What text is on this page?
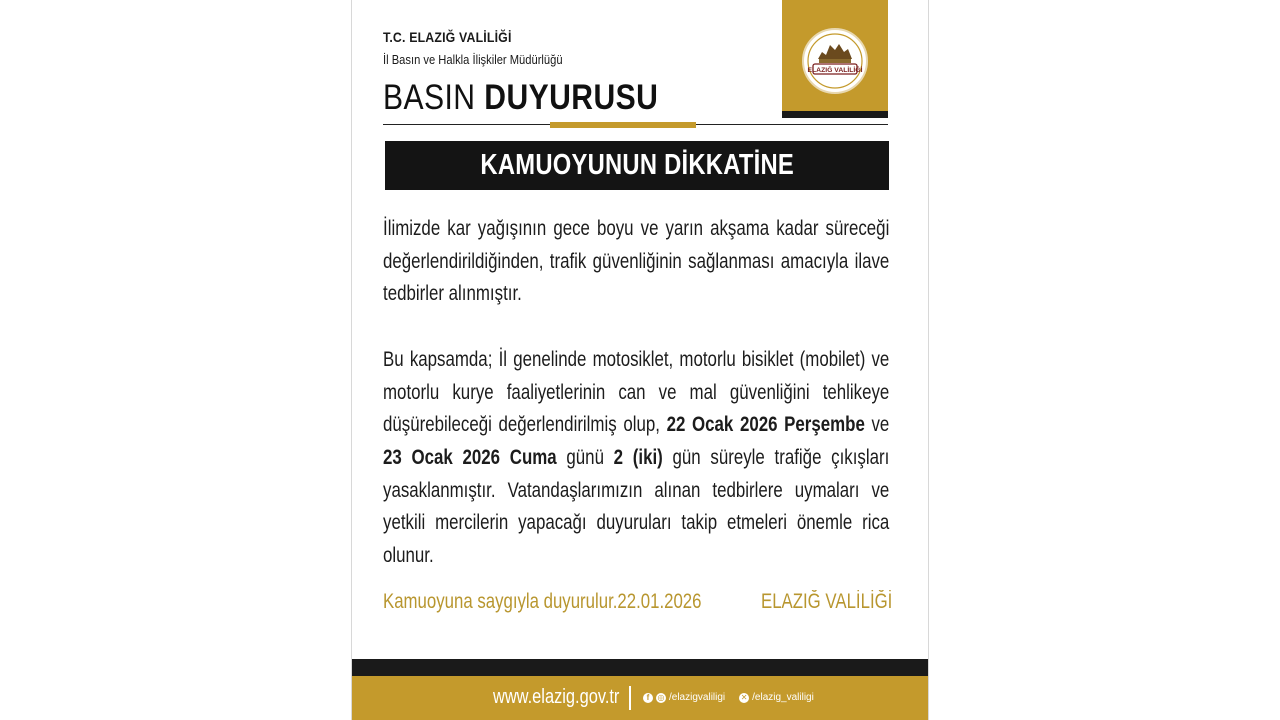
T.C. ELAZIĞ VALİLİĞİ
İl Basın ve Halkla İlişkiler Müdürlüğü
BASIN DUYURUSU
ELAZIĞ VALİLİĞİ
KAMUOYUNUN DİKKATİNE

İlimizde kar yağışının gece boyu ve yarın akşama kadar süreceği değerlendirildiğinden, trafik güvenliğinin sağlanması amacıyla ilave tedbirler alınmıştır.

Bu kapsamda; İl genelinde motosiklet, motorlu bisiklet (mobilet) ve motorlu kurye faaliyetlerinin can ve mal güvenliğini tehlikeye düşürebileceği değerlendirilmiş olup, 22 Ocak 2026 Perşembe ve 23 Ocak 2026 Cuma günü 2 (iki) gün süreyle trafiğe çıkışları yasaklanmıştır. Vatandaşlarımızın alınan tedbirlere uymaları ve yetkili mercilerin yapacağı duyuruları takip etmeleri önemle rica olunur.

Kamuoyuna saygıyla duyurulur.22.01.2026	ELAZIĞ VALİLİĞİ
www.elazig.gov.tr	f	◎ /elazigvaliligi ✕ /elazig_valiligi
